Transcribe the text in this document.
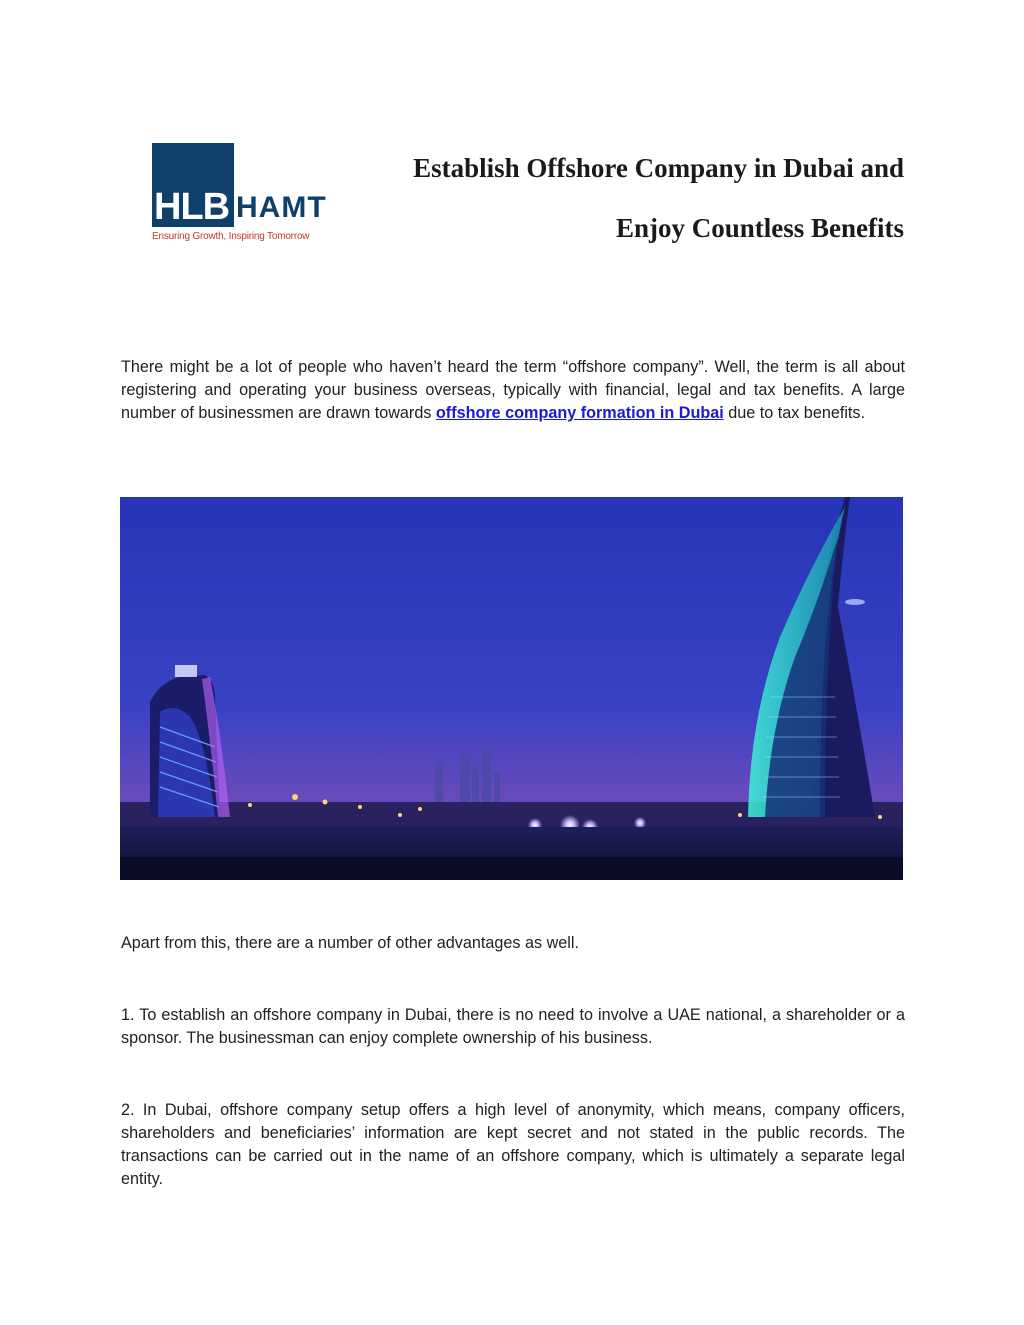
HLB HAMT
Ensuring Growth, Inspiring Tomorrow
Establish Offshore Company in Dubai and
Enjoy Countless Benefits

There might be a lot of people who haven’t heard the term “offshore company”. Well, the term is all about registering and operating your business overseas, typically with financial, legal and tax benefits. A large number of businessmen are drawn towards offshore company formation in Dubai due to tax benefits.

Apart from this, there are a number of other advantages as well.

1. To establish an offshore company in Dubai, there is no need to involve a UAE national, a shareholder or a sponsor. The businessman can enjoy complete ownership of his business.

2. In Dubai, offshore company setup offers a high level of anonymity, which means, company officers, shareholders and beneficiaries’ information are kept secret and not stated in the public records. The transactions can be carried out in the name of an offshore company, which is ultimately a separate legal entity.
